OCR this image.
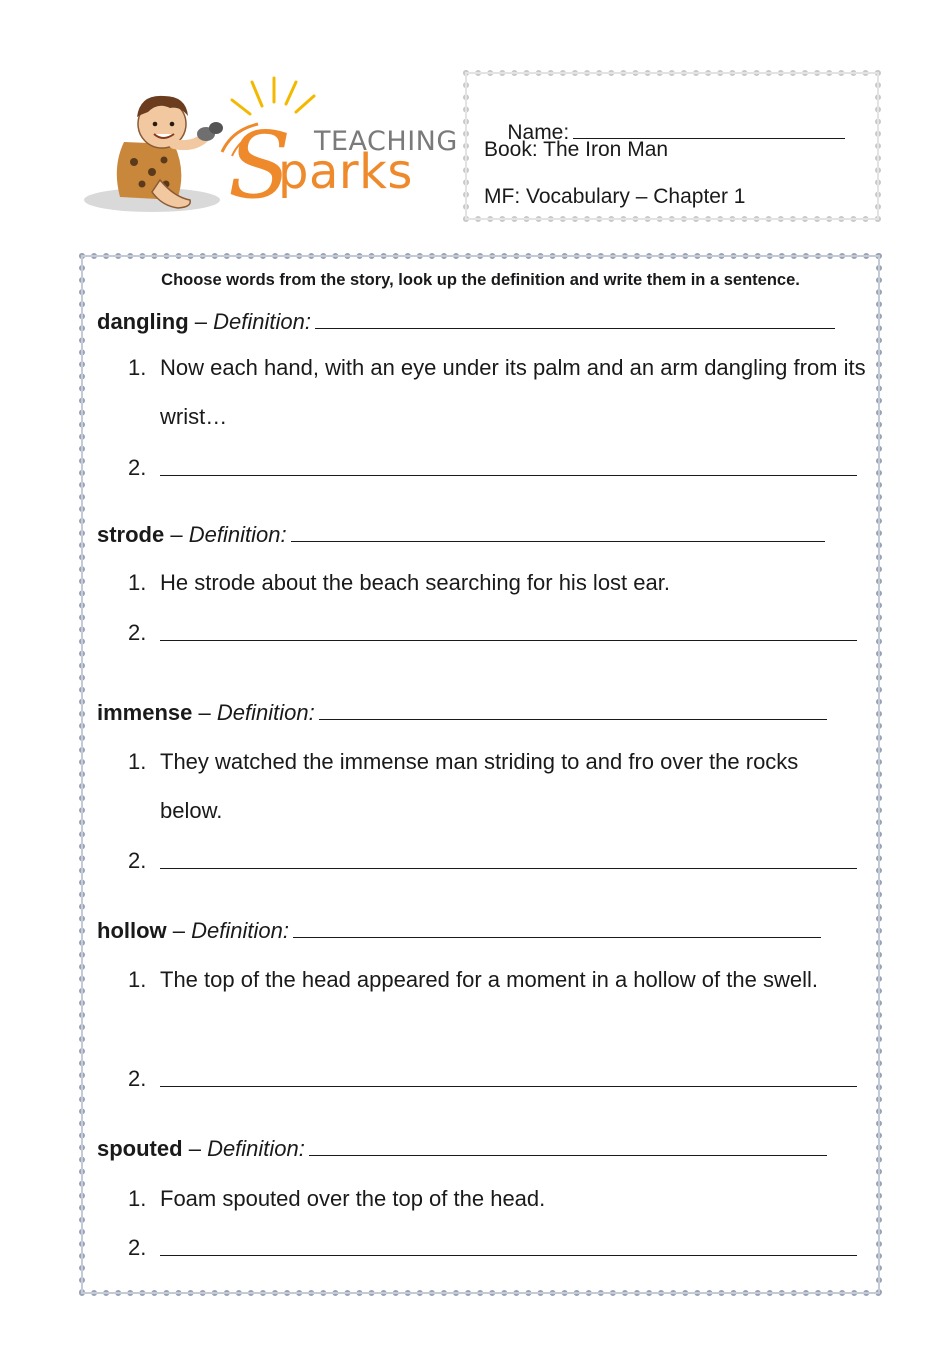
TEACHING
S
parks

Name:

Book: The Iron Man
MF: Vocabulary – Chapter 1
Choose words from the story, look up the definition and write them in a sentence.
dangling – Definition:
1. Now each hand, with an eye under its palm and an arm dangling from its wrist…
2.
strode – Definition:
1. He strode about the beach searching for his lost ear.
2.
immense – Definition:
1. They watched the immense man striding to and fro over the rocks below.
2.
hollow – Definition:
1. The top of the head appeared for a moment in a hollow of the swell.
2.
spouted – Definition:
1. Foam spouted over the top of the head.
2.
